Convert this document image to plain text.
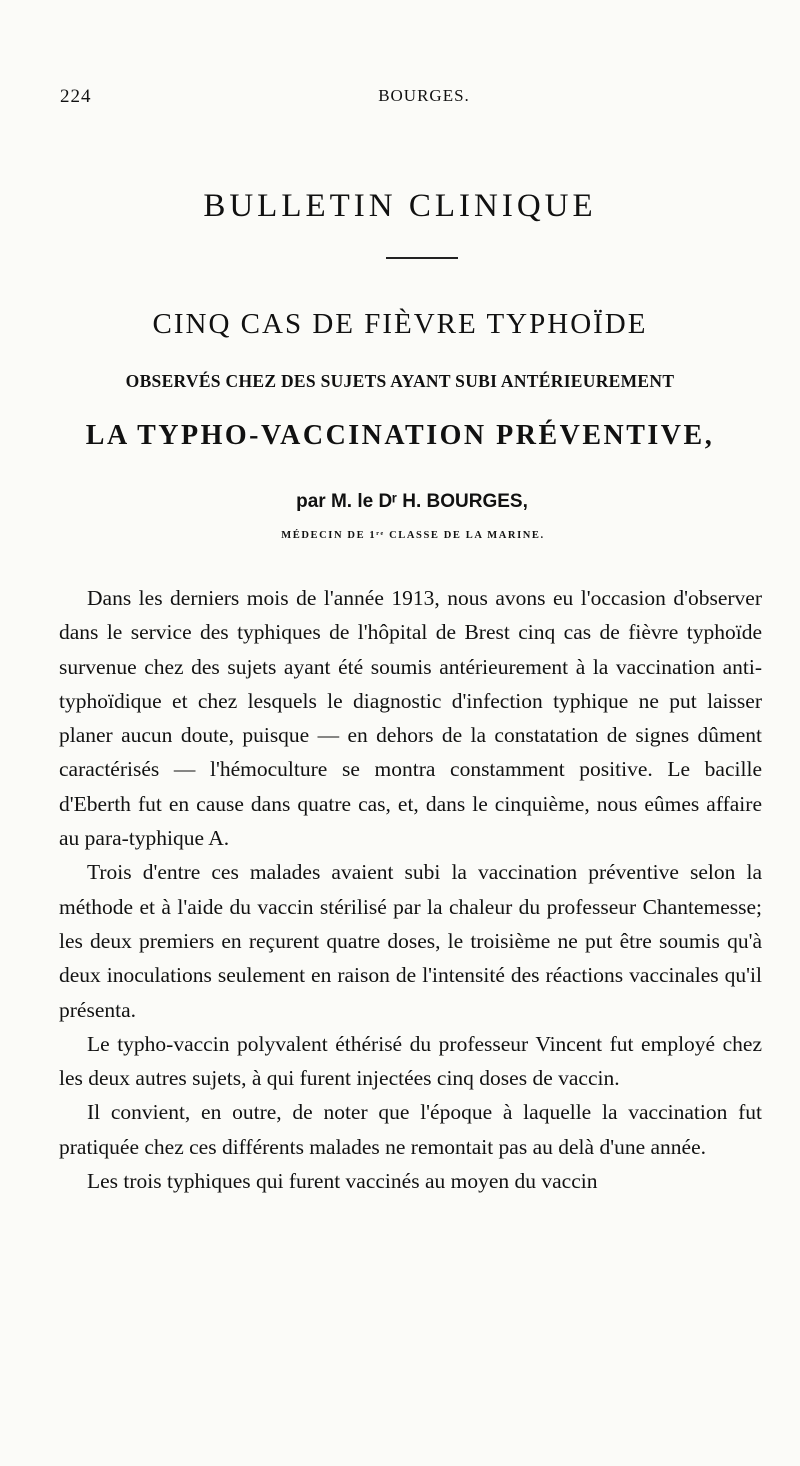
224	BOURGES.
BULLETIN CLINIQUE
CINQ CAS DE FIÈVRE TYPHOÏDE
OBSERVÉS CHEZ DES SUJETS AYANT SUBI ANTÉRIEUREMENT
LA TYPHO-VACCINATION PRÉVENTIVE,
par M. le Dʳ H. BOURGES,
MÉDECIN DE 1ʳᵉ CLASSE DE LA MARINE.

Dans les derniers mois de l'année 1913, nous avons eu l'occasion d'observer dans le service des typhiques de l'hôpital de Brest cinq cas de fièvre typhoïde survenue chez des sujets ayant été soumis antérieurement à la vaccination anti-typhoïdique et chez lesquels le diagnostic d'infection typhique ne put laisser planer aucun doute, puisque — en dehors de la constatation de signes dûment caractérisés — l'hémoculture se montra constamment positive. Le bacille d'Eberth fut en cause dans quatre cas, et, dans le cinquième, nous eûmes affaire au para-typhique A.

Trois d'entre ces malades avaient subi la vaccination préventive selon la méthode et à l'aide du vaccin stérilisé par la chaleur du professeur Chantemesse; les deux premiers en reçurent quatre doses, le troisième ne put être soumis qu'à deux inoculations seulement en raison de l'intensité des réactions vaccinales qu'il présenta.

Le typho-vaccin polyvalent éthérisé du professeur Vincent fut employé chez les deux autres sujets, à qui furent injectées cinq doses de vaccin.

Il convient, en outre, de noter que l'époque à laquelle la vaccination fut pratiquée chez ces différents malades ne remontait pas au delà d'une année.

Les trois typhiques qui furent vaccinés au moyen du vaccin
